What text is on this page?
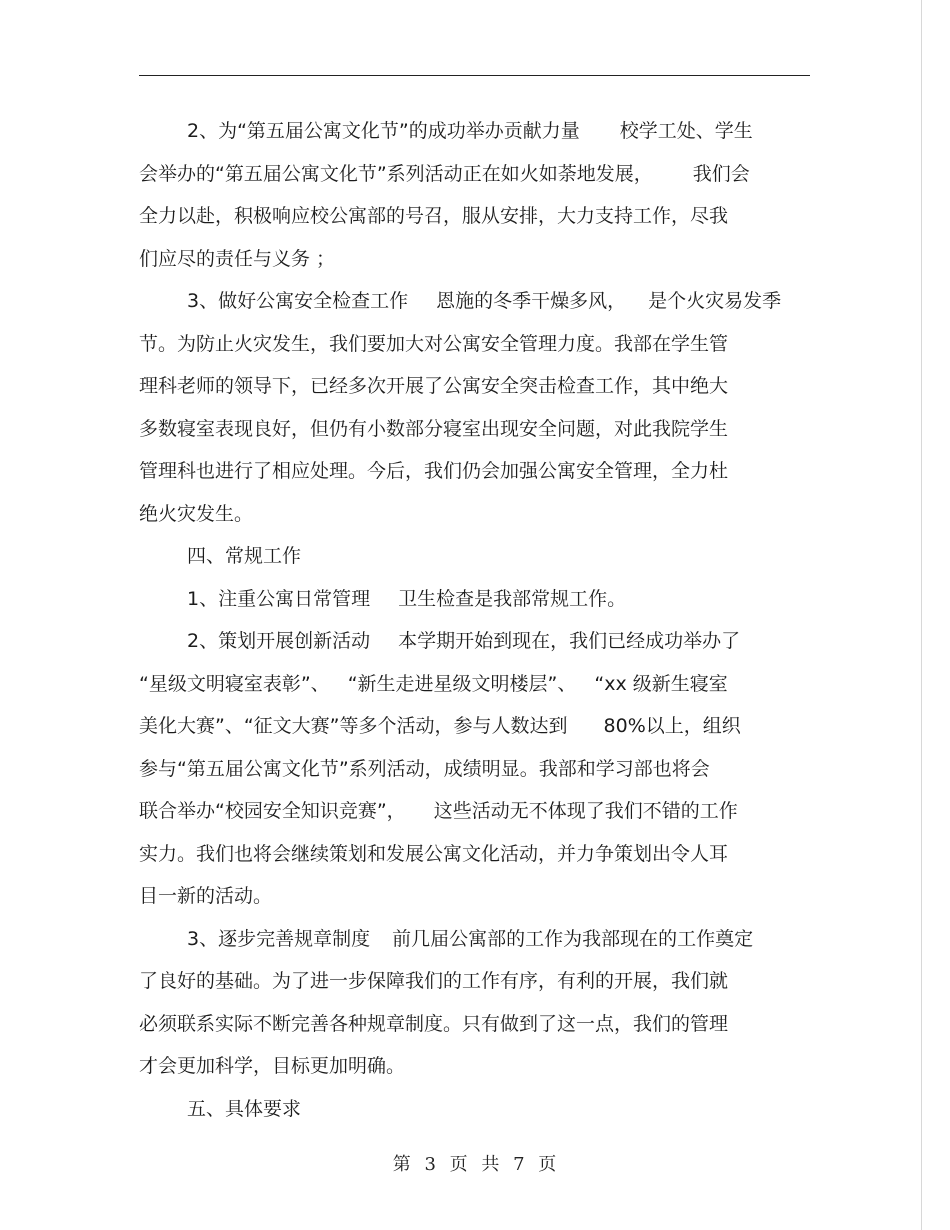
2、为“第五届公寓文化节”的成功举办贡献力量 校学工处、学生
会举办的“第五届公寓文化节”系列活动正在如火如荼地发展， 我们会
全力以赴，积极响应校公寓部的号召，服从安排，大力支持工作，尽我
们应尽的责任与义务 ；
3、做好公寓安全检查工作 恩施的冬季干燥多风， 是个火灾易发季
节。为防止火灾发生，我们要加大对公寓安全管理力度。我部在学生管
理科老师的领导下，已经多次开展了公寓安全突击检查工作，其中绝大
多数寝室表现良好，但仍有小数部分寝室出现安全问题，对此我院学生
管理科也进行了相应处理。今后，我们仍会加强公寓安全管理，全力杜
绝火灾发生。
四、常规工作
1、注重公寓日常管理 卫生检查是我部常规工作。
2、策划开展创新活动 本学期开始到现在，我们已经成功举办了
“星级文明寝室表彰”、 “新生走进星级文明楼层”、 “xx 级新生寝室
美化大赛”、“征文大赛”等多个活动，参与人数达到 80%以上，组织
参与“第五届公寓文化节”系列活动，成绩明显。我部和学习部也将会
联合举办“校园安全知识竞赛”， 这些活动无不体现了我们不错的工作
实力。我们也将会继续策划和发展公寓文化活动，并力争策划出令人耳
目一新的活动。
3、逐步完善规章制度 前几届公寓部的工作为我部现在的工作奠定
了良好的基础。为了进一步保障我们的工作有序，有利的开展，我们就
必须联系实际不断完善各种规章制度。只有做到了这一点，我们的管理
才会更加科学，目标更加明确。
五、具体要求
第 3 页 共 7 页
